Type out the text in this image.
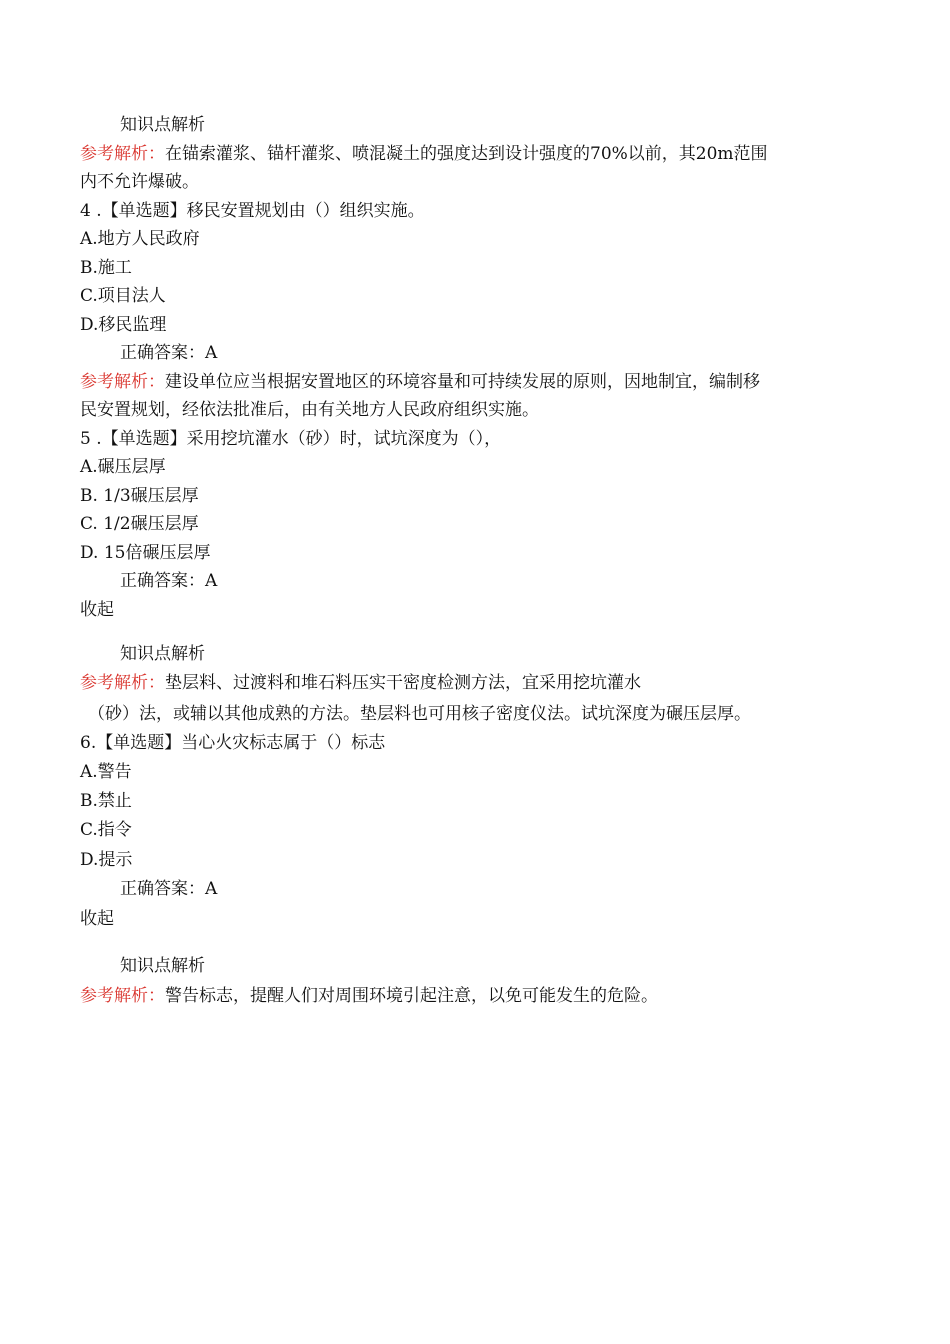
知识点解析
参考解析：在锚索灌浆、锚杆灌浆、喷混凝土的强度达到设计强度的70%以前，其20m范围
内不允许爆破。
4 .【单选题】移民安置规划由（）组织实施。
A.地方人民政府
B.施工
C.项目法人
D.移民监理
正确答案：A
参考解析：建设单位应当根据安置地区的环境容量和可持续发展的原则，因地制宜，编制移
民安置规划，经依法批准后，由有关地方人民政府组织实施。
5 .【单选题】采用挖坑灌水（砂）时，试坑深度为（），
A.碾压层厚
B. 1/3碾压层厚
C. 1/2碾压层厚
D. 15倍碾压层厚
正确答案：A
收起
知识点解析
参考解析：垫层料、过渡料和堆石料压实干密度检测方法，宜采用挖坑灌水
（砂）法，或辅以其他成熟的方法。垫层料也可用核子密度仪法。试坑深度为碾压层厚。
6.【单选题】当心火灾标志属于（）标志
A.警告
B.禁止
C.指令
D.提示
正确答案：A
收起
知识点解析
参考解析：警告标志，提醒人们对周围环境引起注意，以免可能发生的危险。
